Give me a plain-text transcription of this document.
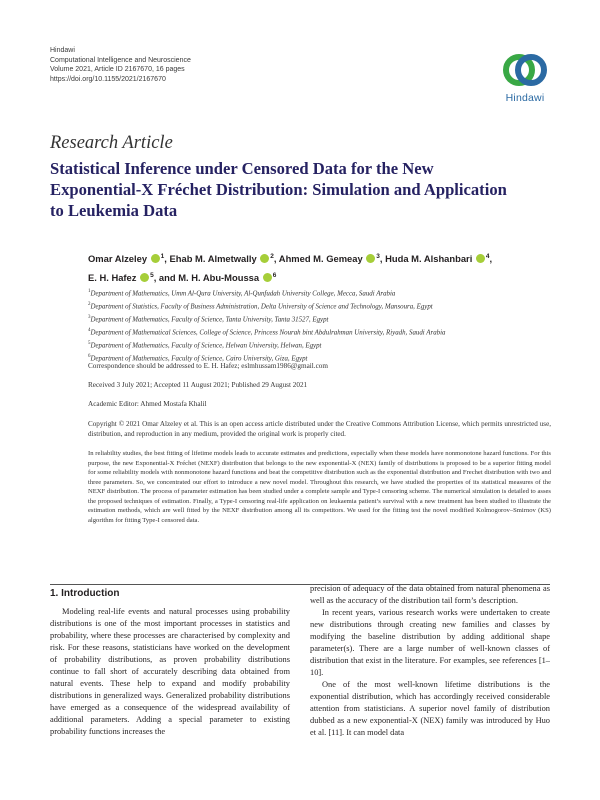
Hindawi
Computational Intelligence and Neuroscience
Volume 2021, Article ID 2167670, 16 pages
https://doi.org/10.1155/2021/2167670
Hindawi
Research Article
Statistical Inference under Censored Data for the New Exponential-X Fréchet Distribution: Simulation and Application to Leukemia Data
Omar Alzeley $^1$, Ehab M. Almetwally $^2$, Ahmed M. Gemeay $^3$, Huda M. Alshanbari $^4$,
E. H. Hafez $^5$, and M. H. Abu-Moussa $^6$
$^1$Department of Mathematics, Umm Al-Qura University, Al-Qunfudah University College, Mecca, Saudi Arabia
$^2$Department of Statistics, Faculty of Business Administration, Delta University of Science and Technology, Mansoura, Egypt
$^3$Department of Mathematics, Faculty of Science, Tanta University, Tanta 31527, Egypt
$^4$Department of Mathematical Sciences, College of Science, Princess Nourah bint Abdulrahman University, Riyadh, Saudi Arabia
$^5$Department of Mathematics, Faculty of Science, Helwan University, Helwan, Egypt
$^6$Department of Mathematics, Faculty of Science, Cairo University, Giza, Egypt
Correspondence should be addressed to E. H. Hafez; eslmhussam1986@gmail.com
Received 3 July 2021; Accepted 11 August 2021; Published 29 August 2021
Academic Editor: Ahmed Mostafa Khalil
Copyright © 2021 Omar Alzeley et al. This is an open access article distributed under the Creative Commons Attribution License, which permits unrestricted use, distribution, and reproduction in any medium, provided the original work is properly cited.
In reliability studies, the best fitting of lifetime models leads to accurate estimates and predictions, especially when these models have nonmonotone hazard functions. For this purpose, the new Exponential-X Fréchet (NEXF) distribution that belongs to the new exponential-X (NEX) family of distributions is proposed to be a superior fitting model for some reliability models with nonmonotone hazard functions and beat the competitive distribution such as the exponential distribution and Frechet distribution with two and three parameters. So, we concentrated our effort to introduce a new novel model. Throughout this research, we have studied the properties of its statistical measures of the NEXF distribution. The process of parameter estimation has been studied under a complete sample and Type-I censoring scheme. The numerical simulation is detailed to asses the proposed techniques of estimation. Finally, a Type-I censoring real-life application on leukaemia patient’s survival with a new treatment has been studied to illustrate the estimation methods, which are well fitted by the NEXF distribution among all its competitors. We used for the fitting test the novel modified Kolmogorov–Smirnov (KS) algorithm for fitting Type-I censored data.
1. Introduction

Modeling real-life events and natural processes using probability distributions is one of the most important processes in statistics and probability, where these processes are characterised by complexity and risk. For these reasons, statisticians have worked on the development of probability distributions, as proven probability distributions continue to fall short of accurately describing data obtained from natural events. These help to expand and modify probability distributions in generalized ways. Generalized probability distributions have emerged as a consequence of the widespread availability of additional parameters. Adding a special parameter to existing probability functions increases the

precision of adequacy of the data obtained from natural phenomena as well as the accuracy of the distribution tail form’s description.

In recent years, various research works were undertaken to create new distributions through creating new families and classes by modifying the baseline distribution by adding additional shape parameter(s). There are a large number of well-known classes of distribution that exist in the literature. For examples, see references [1–10].

One of the most well-known lifetime distributions is the exponential distribution, which has accordingly received considerable attention from statisticians. A superior novel family of distribution dubbed as a new exponential-X (NEX) family was introduced by Huo et al. [11]. It can model data
